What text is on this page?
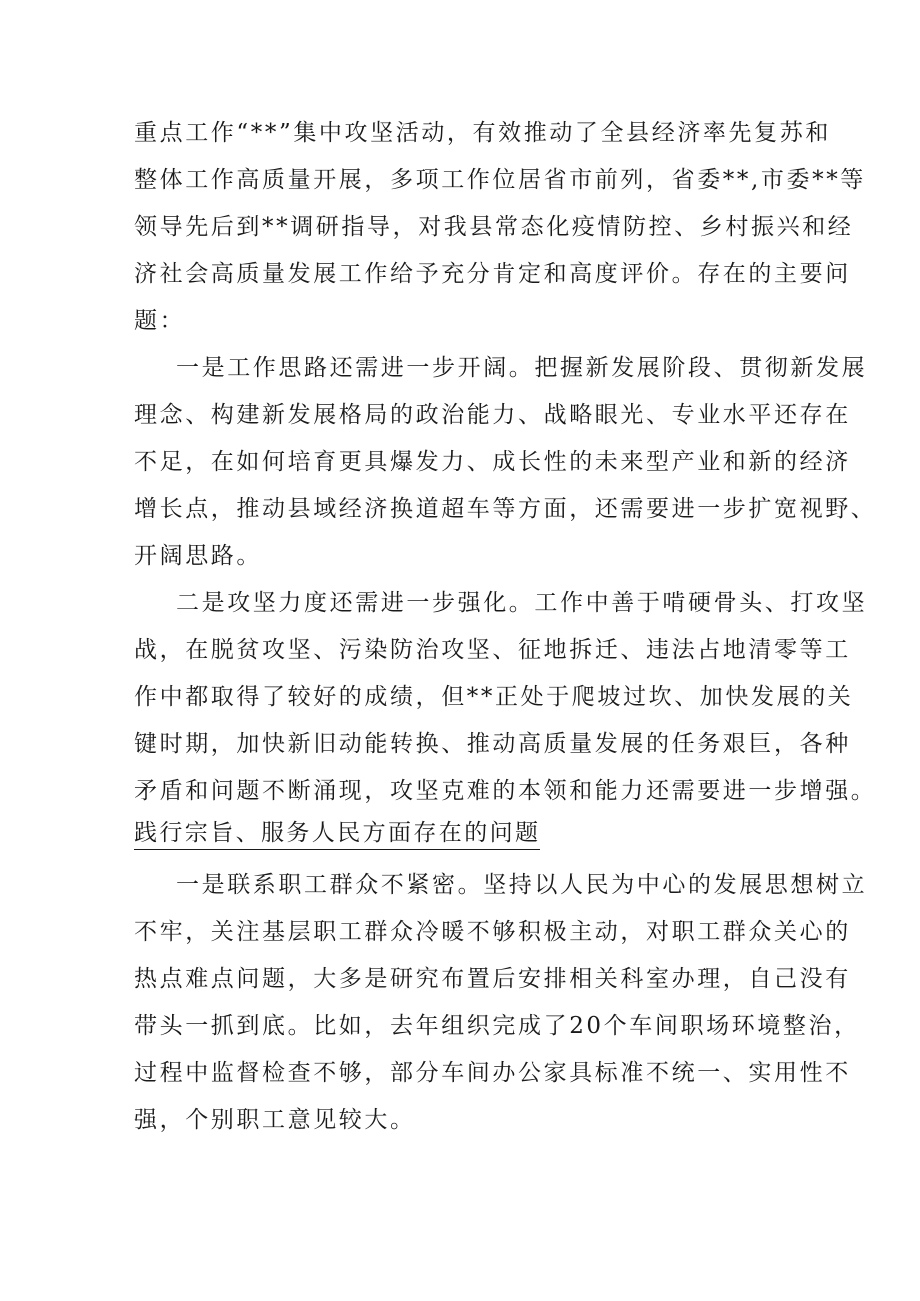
重点工作“**”集中攻坚活动，有效推动了全县经济率先复苏和
整体工作高质量开展，多项工作位居省市前列，省委**,市委**等
领导先后到**调研指导，对我县常态化疫情防控、乡村振兴和经
济社会高质量发展工作给予充分肯定和高度评价。存在的主要问
题：
一是工作思路还需进一步开阔。把握新发展阶段、贯彻新发展
理念、构建新发展格局的政治能力、战略眼光、专业水平还存在
不足，在如何培育更具爆发力、成长性的未来型产业和新的经济
增长点，推动县域经济换道超车等方面，还需要进一步扩宽视野、
开阔思路。
二是攻坚力度还需进一步强化。工作中善于啃硬骨头、打攻坚
战，在脱贫攻坚、污染防治攻坚、征地拆迁、违法占地清零等工
作中都取得了较好的成绩，但**正处于爬坡过坎、加快发展的关
键时期，加快新旧动能转换、推动高质量发展的任务艰巨，各种
矛盾和问题不断涌现，攻坚克难的本领和能力还需要进一步增强。
践行宗旨、服务人民方面存在的问题
一是联系职工群众不紧密。坚持以人民为中心的发展思想树立
不牢，关注基层职工群众冷暖不够积极主动，对职工群众关心的
热点难点问题，大多是研究布置后安排相关科室办理，自己没有
带头一抓到底。比如，去年组织完成了20个车间职场环境整治，
过程中监督检查不够，部分车间办公家具标准不统一、实用性不
强，个别职工意见较大。
